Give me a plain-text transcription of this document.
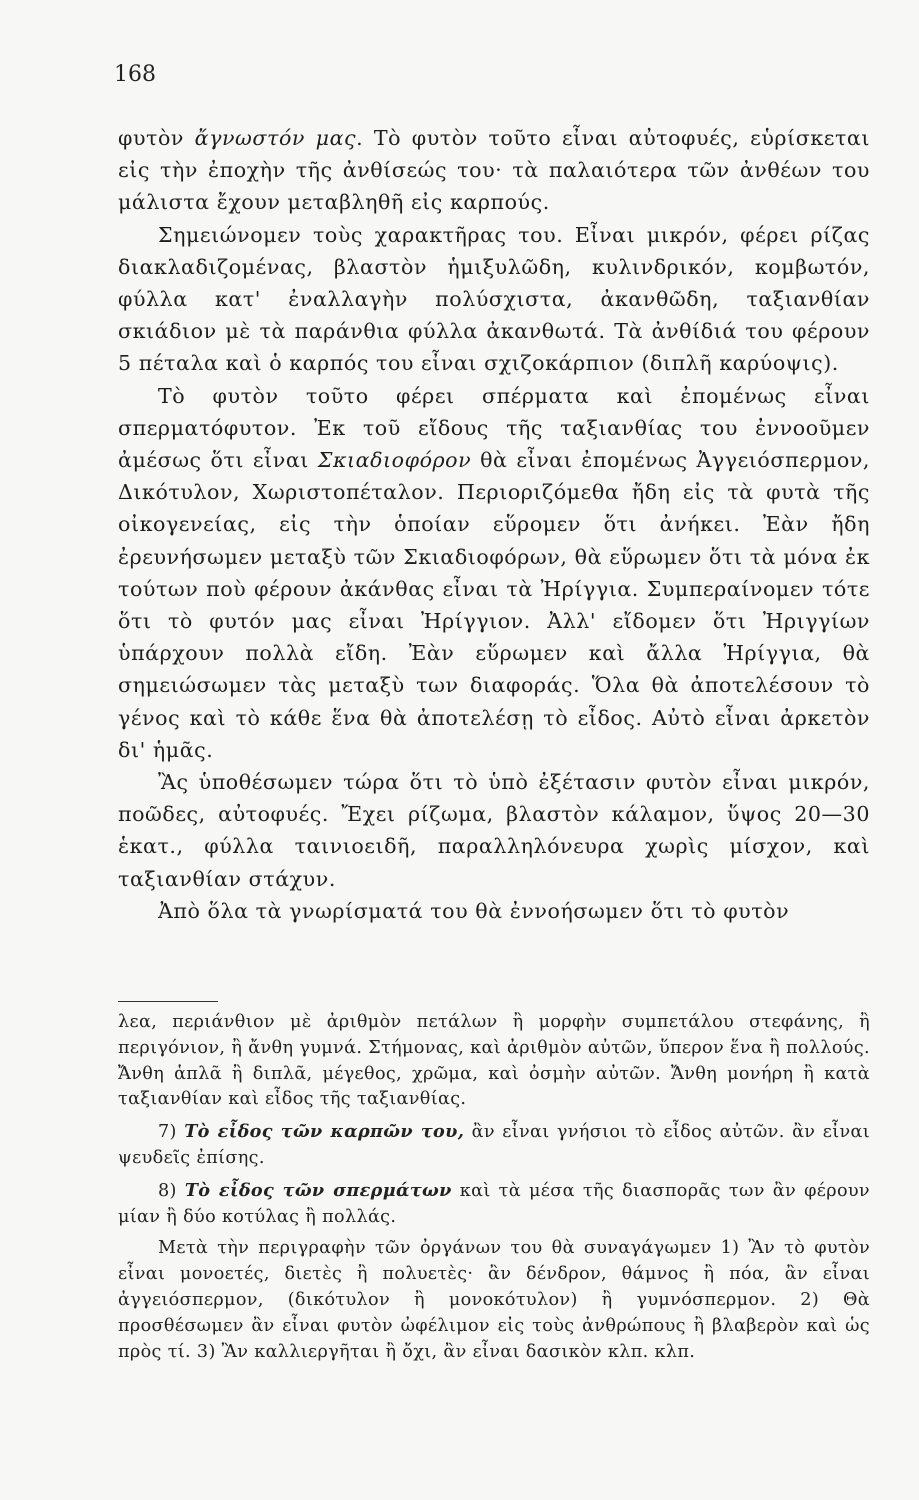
168

φυτὸν ἄγνωστόν μας. Τὸ φυτὸν τοῦτο εἶναι αὐτοφυές, εὑρίσκεται εἰς τὴν ἐποχὴν τῆς ἀνθίσεώς του· τὰ παλαιότερα τῶν ἀνθέων του μάλιστα ἔχουν μεταβληθῆ εἰς καρπούς.

Σημειώνομεν τοὺς χαρακτῆρας του. Εἶναι μικρόν, φέρει ρίζας διακλαδιζομένας, βλαστὸν ἡμιξυλῶδη, κυλινδρικόν, κομβωτόν, φύλλα κατ' ἐναλλαγὴν πολύσχιστα, ἀκανθῶδη, ταξιανθίαν σκιάδιον μὲ τὰ παράνθια φύλλα ἀκανθωτά. Τὰ ἀνθίδιά του φέρουν 5 πέταλα καὶ ὁ καρπός του εἶναι σχιζοκάρπιον (διπλῆ καρύοψις).

Τὸ φυτὸν τοῦτο φέρει σπέρματα καὶ ἐπομένως εἶναι σπερματόφυτον. Ἐκ τοῦ εἴδους τῆς ταξιανθίας του ἐννοοῦμεν ἀμέσως ὅτι εἶναι Σκιαδιοφόρον θὰ εἶναι ἐπομένως Ἀγγειόσπερμον, Δικότυλον, Χωριστοπέταλον. Περιοριζόμεθα ἤδη εἰς τὰ φυτὰ τῆς οἰκογενείας, εἰς τὴν ὁποίαν εὕρομεν ὅτι ἀνήκει. Ἐὰν ἤδη ἐρευνήσωμεν μεταξὺ τῶν Σκιαδιοφόρων, θὰ εὕρωμεν ὅτι τὰ μόνα ἐκ τούτων ποὺ φέρουν ἀκάνθας εἶναι τὰ Ἠρίγγια. Συμπεραίνομεν τότε ὅτι τὸ φυτόν μας εἶναι Ἠρίγγιον. Ἀλλ' εἴδομεν ὅτι Ἠριγγίων ὑπάρχουν πολλὰ εἴδη. Ἐὰν εὕρωμεν καὶ ἄλλα Ἠρίγγια, θὰ σημειώσωμεν τὰς μεταξὺ των διαφοράς. Ὅλα θὰ ἀποτελέσουν τὸ γένος καὶ τὸ κάθε ἕνα θὰ ἀποτελέσῃ τὸ εἶδος. Αὐτὸ εἶναι ἀρκετὸν δι' ἡμᾶς.

Ἂς ὑποθέσωμεν τώρα ὅτι τὸ ὑπὸ ἐξέτασιν φυτὸν εἶναι μικρόν, ποῶδες, αὐτοφυές. Ἔχει ρίζωμα, βλαστὸν κάλαμον, ὕψος 20—30 ἑκατ., φύλλα ταινιοειδῆ, παραλληλόνευρα χωρὶς μίσχον, καὶ ταξιανθίαν στάχυν.

Ἀπὸ ὅλα τὰ γνωρίσματά του θὰ ἐννοήσωμεν ὅτι τὸ φυτὸν

λεα, περιάνθιον μὲ ἀριθμὸν πετάλων ἢ μορφὴν συμπετάλου στεφάνης, ἢ περιγόνιον, ἢ ἄνθη γυμνά. Στήμονας, καὶ ἀριθμὸν αὐτῶν, ὕπερον ἕνα ἢ πολλούς. Ἄνθη ἁπλᾶ ἢ διπλᾶ, μέγεθος, χρῶμα, καὶ ὀσμὴν αὐτῶν. Ἄνθη μονήρη ἢ κατὰ ταξιανθίαν καὶ εἶδος τῆς ταξιανθίας.

7) Τὸ εἶδος τῶν καρπῶν του, ἂν εἶναι γνήσιοι τὸ εἶδος αὐτῶν. ἂν εἶναι ψευδεῖς ἐπίσης.

8) Τὸ εἶδος τῶν σπερμάτων καὶ τὰ μέσα τῆς διασπορᾶς των ἂν φέρουν μίαν ἢ δύο κοτύλας ἢ πολλάς.

Μετὰ τὴν περιγραφὴν τῶν ὀργάνων του θὰ συναγάγωμεν 1) Ἂν τὸ φυτὸν εἶναι μονοετές, διετὲς ἢ πολυετὲς· ἂν δένδρον, θάμνος ἢ πόα, ἂν εἶναι ἀγγειόσπερμον, (δικότυλον ἢ μονοκότυλον) ἢ γυμνόσπερμον. 2) Θὰ προσθέσωμεν ἂν εἶναι φυτὸν ὠφέλιμον εἰς τοὺς ἀνθρώπους ἢ βλαβερὸν καὶ ὡς πρὸς τί. 3) Ἂν καλλιεργῆται ἢ ὄχι, ἂν εἶναι δασικὸν κλπ. κλπ.
